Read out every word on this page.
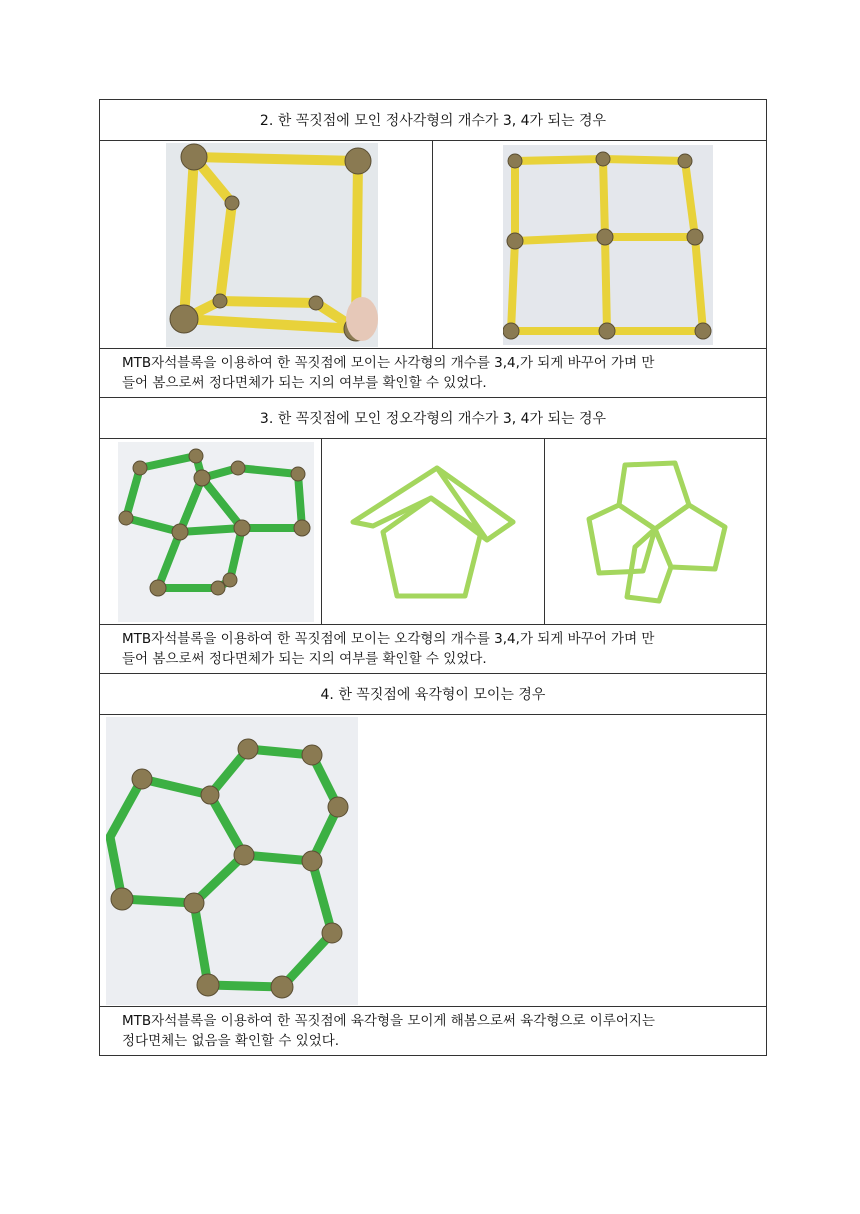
2. 한 꼭짓점에 모인 정사각형의 개수가 3, 4가 되는 경우			

MTB자석블록을 이용하여 한 꼭짓점에 모이는 사각형의 개수를 3,4,가 되게 바꾸어 가며 만
들어 봄으로써 정다면체가 되는 지의 여부를 확인할 수 있었다.			

3. 한 꼭짓점에 모인 정오각형의 개수가 3, 4가 되는 경우			

MTB자석블록을 이용하여 한 꼭짓점에 모이는 오각형의 개수를 3,4,가 되게 바꾸어 가며 만
들어 봄으로써 정다면체가 되는 지의 여부를 확인할 수 있었다.			

4. 한 꼭짓점에 육각형이 모이는 경우			

MTB자석블록을 이용하여 한 꼭짓점에 육각형을 모이게 해봄으로써 육각형으로 이루어지는
정다면체는 없음을 확인할 수 있었다.			
